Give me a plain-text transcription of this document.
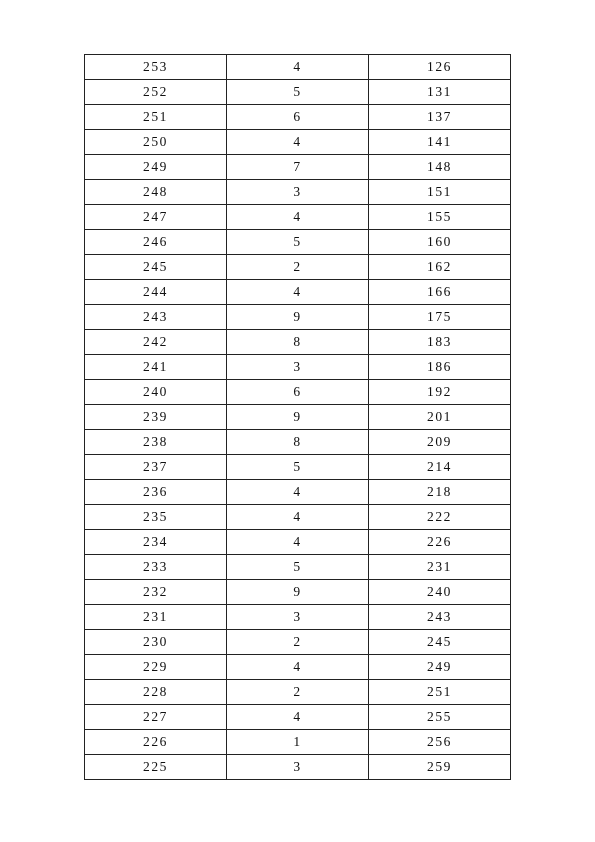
253	4	126
252	5	131
251	6	137
250	4	141
249	7	148
248	3	151
247	4	155
246	5	160
245	2	162
244	4	166
243	9	175
242	8	183
241	3	186
240	6	192
239	9	201
238	8	209
237	5	214
236	4	218
235	4	222
234	4	226
233	5	231
232	9	240
231	3	243
230	2	245
229	4	249
228	2	251
227	4	255
226	1	256
225	3	259
